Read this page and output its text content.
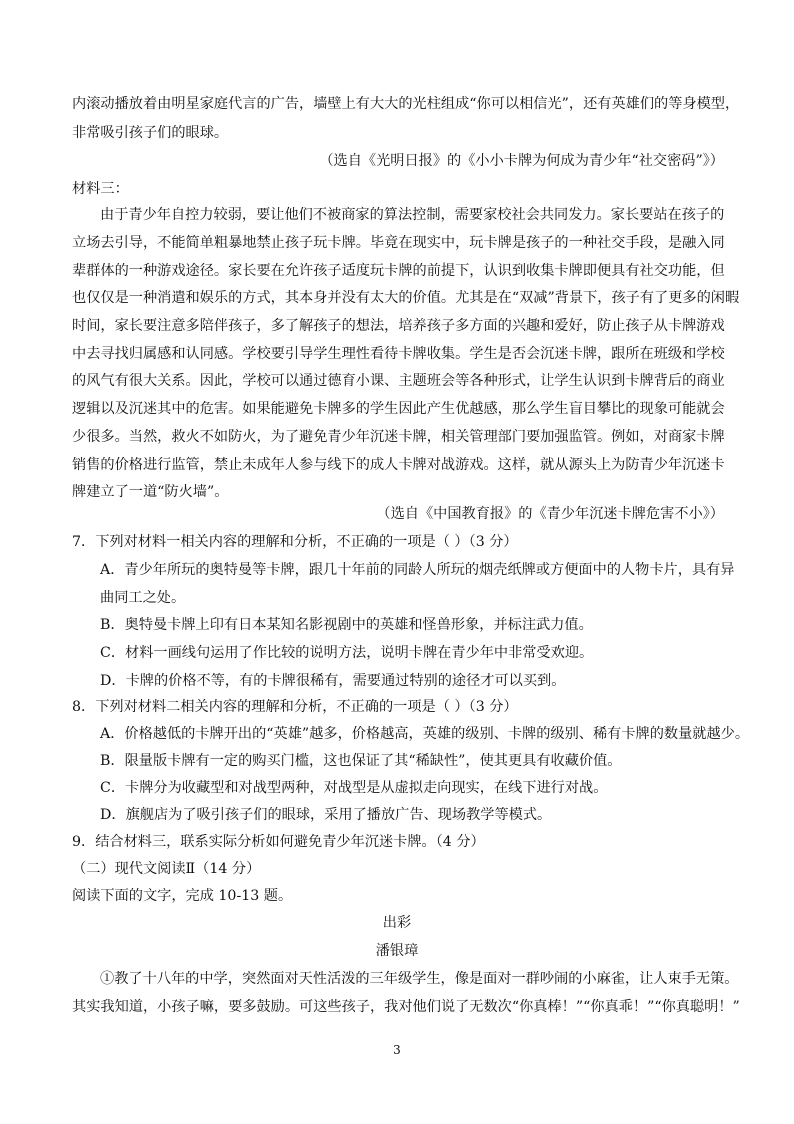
内滚动播放着由明星家庭代言的广告，墙壁上有大大的光柱组成“你可以相信光”，还有英雄们的等身模型，
非常吸引孩子们的眼球。
（选自《光明日报》的《小小卡牌为何成为青少年“社交密码”》）
材料三：
由于青少年自控力较弱，要让他们不被商家的算法控制，需要家校社会共同发力。家长要站在孩子的
立场去引导，不能简单粗暴地禁止孩子玩卡牌。毕竟在现实中，玩卡牌是孩子的一种社交手段，是融入同
辈群体的一种游戏途径。家长要在允许孩子适度玩卡牌的前提下，认识到收集卡牌即便具有社交功能，但
也仅仅是一种消遣和娱乐的方式，其本身并没有太大的价值。尤其是在“双减”背景下，孩子有了更多的闲暇
时间，家长要注意多陪伴孩子，多了解孩子的想法，培养孩子多方面的兴趣和爱好，防止孩子从卡牌游戏
中去寻找归属感和认同感。学校要引导学生理性看待卡牌收集。学生是否会沉迷卡牌，跟所在班级和学校
的风气有很大关系。因此，学校可以通过德育小课、主题班会等各种形式，让学生认识到卡牌背后的商业
逻辑以及沉迷其中的危害。如果能避免卡牌多的学生因此产生优越感，那么学生盲目攀比的现象可能就会
少很多。当然，救火不如防火，为了避免青少年沉迷卡牌，相关管理部门要加强监管。例如，对商家卡牌
销售的价格进行监管，禁止未成年人参与线下的成人卡牌对战游戏。这样，就从源头上为防青少年沉迷卡
牌建立了一道“防火墙”。
（选自《中国教育报》的《青少年沉迷卡牌危害不小》）
7．下列对材料一相关内容的理解和分析，不正确的一项是（ ）（3 分）
A．青少年所玩的奥特曼等卡牌，跟几十年前的同龄人所玩的烟壳纸牌或方便面中的人物卡片，具有异
曲同工之处。
B．奥特曼卡牌上印有日本某知名影视剧中的英雄和怪兽形象，并标注武力值。
C．材料一画线句运用了作比较的说明方法，说明卡牌在青少年中非常受欢迎。
D．卡牌的价格不等，有的卡牌很稀有，需要通过特别的途径才可以买到。
8．下列对材料二相关内容的理解和分析，不正确的一项是（ ）（3 分）
A．价格越低的卡牌开出的“英雄”越多，价格越高，英雄的级别、卡牌的级别、稀有卡牌的数量就越少。
B．限量版卡牌有一定的购买门槛，这也保证了其“稀缺性”，使其更具有收藏价值。
C．卡牌分为收藏型和对战型两种，对战型是从虚拟走向现实，在线下进行对战。
D．旗舰店为了吸引孩子们的眼球，采用了播放广告、现场教学等模式。
9．结合材料三，联系实际分析如何避免青少年沉迷卡牌。（4 分）
（二）现代文阅读Ⅱ（14 分）
阅读下面的文字，完成 10-13 题。
出彩
潘银璋
①教了十八年的中学，突然面对天性活泼的三年级学生，像是面对一群吵闹的小麻雀，让人束手无策。
其实我知道，小孩子嘛，要多鼓励。可这些孩子，我对他们说了无数次“你真棒！”“你真乖！”“你真聪明！”
3
